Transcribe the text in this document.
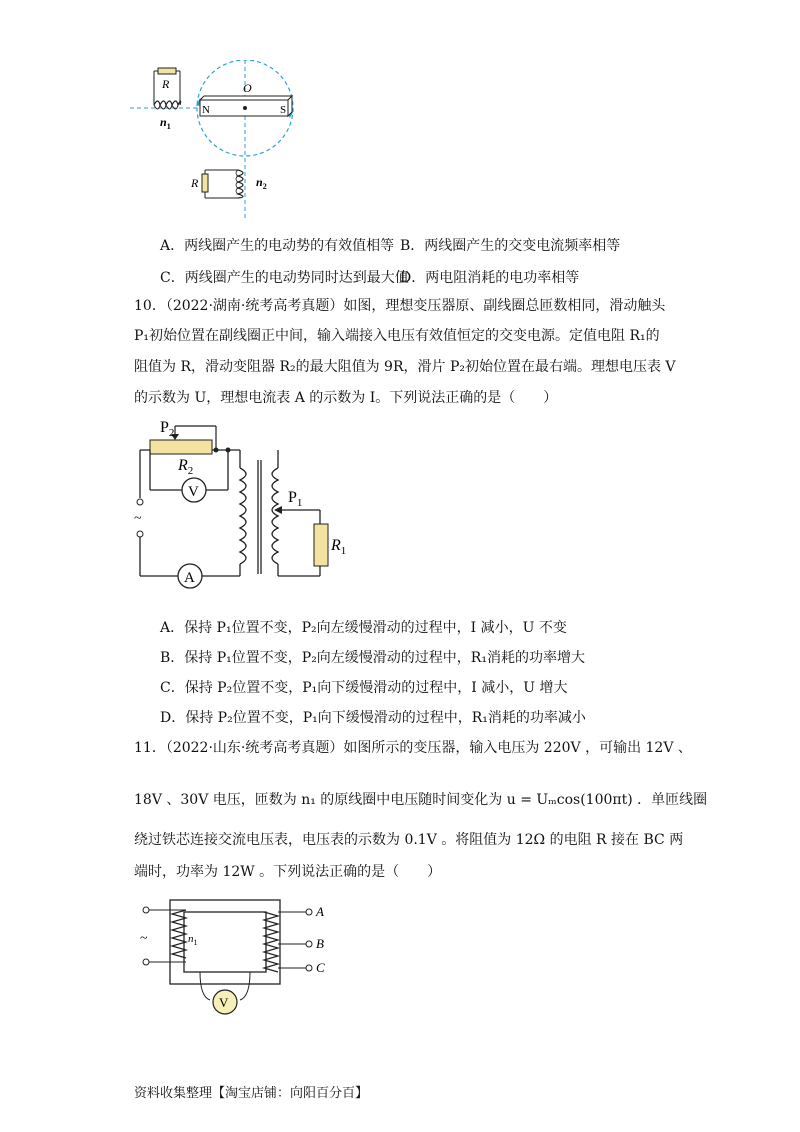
R
$n_1$
O
N	S
R	$n_2$
A．两线圈产生的电动势的有效值相等 B．两线圈产生的交变电流频率相等
C．两线圈产生的电动势同时达到最大值
D．两电阻消耗的电功率相等
10．（2022·湖南·统考高考真题）如图，理想变压器原、副线圈总匝数相同，滑动触头
P₁初始位置在副线圈正中间，输入端接入电压有效值恒定的交变电源。定值电阻 R₁的
阻值为 R，滑动变阻器 R₂的最大阻值为 9R，滑片 P₂初始位置在最右端。理想电压表 V
的示数为 U，理想电流表 A 的示数为 I。下列说法正确的是（　　）
$P_2$
$R_2$
V
~
$P_1$
$R_1$
A
A．保持 P₁位置不变，P₂向左缓慢滑动的过程中，I 减小，U 不变
B．保持 P₁位置不变，P₂向左缓慢滑动的过程中，R₁消耗的功率增大
C．保持 P₂位置不变，P₁向下缓慢滑动的过程中，I 减小，U 增大
D．保持 P₂位置不变，P₁向下缓慢滑动的过程中，R₁消耗的功率减小
11．（2022·山东·统考高考真题）如图所示的变压器，输入电压为 220V ，可输出 12V 、
18V 、30V 电压，匝数为 n₁ 的原线圈中电压随时间变化为 u = Uₘcos(100πt) ．单匝线圈
绕过铁芯连接交流电压表，电压表的示数为 0.1V 。将阻值为 12Ω 的电阻 R 接在 BC 两
端时，功率为 12W 。下列说法正确的是（　　）
~	$n_1$
A
B
C
V
资料收集整理【淘宝店铺：向阳百分百】
